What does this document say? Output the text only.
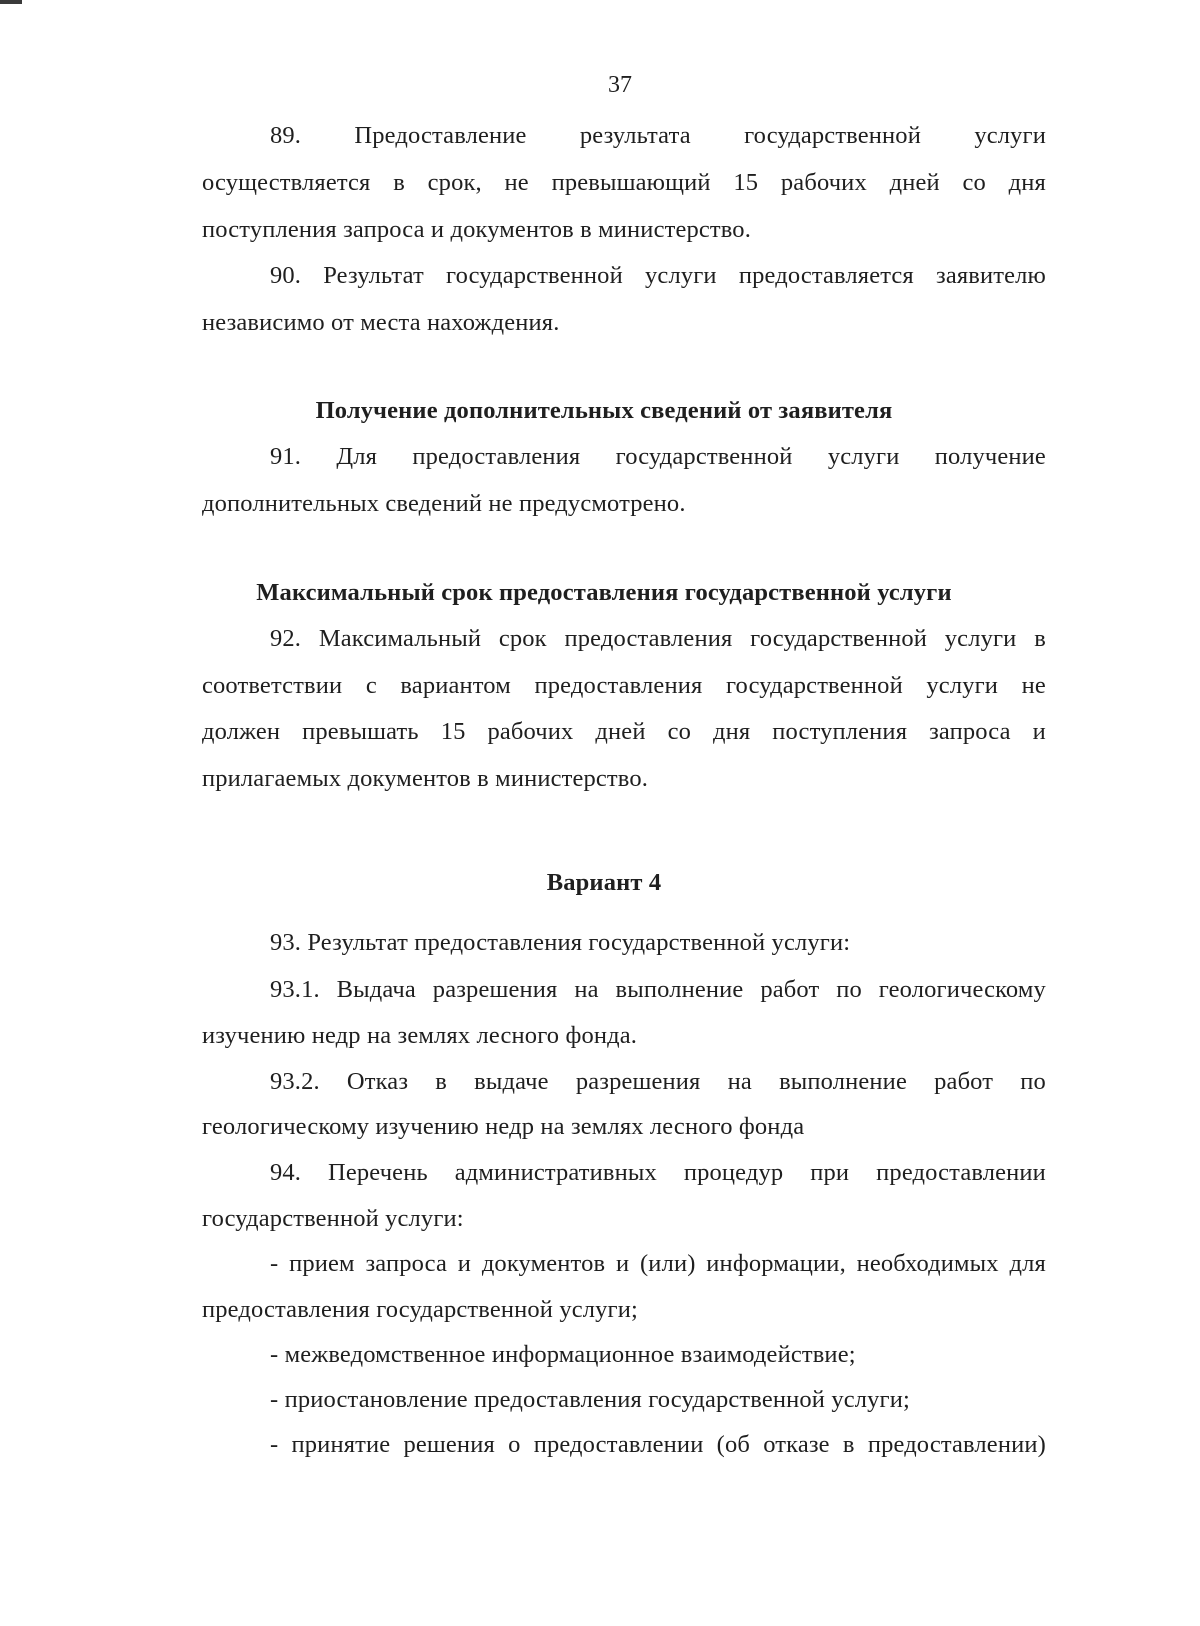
37

89. Предоставление результата государственной услуги

осуществляется в срок, не превышающий 15 рабочих дней со дня

поступления запроса и документов в министерство.

90. Результат государственной услуги предоставляется заявителю

независимо от места нахождения.

Получение дополнительных сведений от заявителя

91. Для предоставления государственной услуги получение

дополнительных сведений не предусмотрено.

Максимальный срок предоставления государственной услуги

92. Максимальный срок предоставления государственной услуги в

соответствии с вариантом предоставления государственной услуги не

должен превышать 15 рабочих дней со дня поступления запроса и

прилагаемых документов в министерство.

Вариант 4

93. Результат предоставления государственной услуги:

93.1. Выдача разрешения на выполнение работ по геологическому

изучению недр на землях лесного фонда.

93.2. Отказ в выдаче разрешения на выполнение работ по

геологическому изучению недр на землях лесного фонда

94. Перечень административных процедур при предоставлении

государственной услуги:

- прием запроса и документов и (или) информации, необходимых для

предоставления государственной услуги;

- межведомственное информационное взаимодействие;

- приостановление предоставления государственной услуги;

- принятие решения о предоставлении (об отказе в предоставлении)
